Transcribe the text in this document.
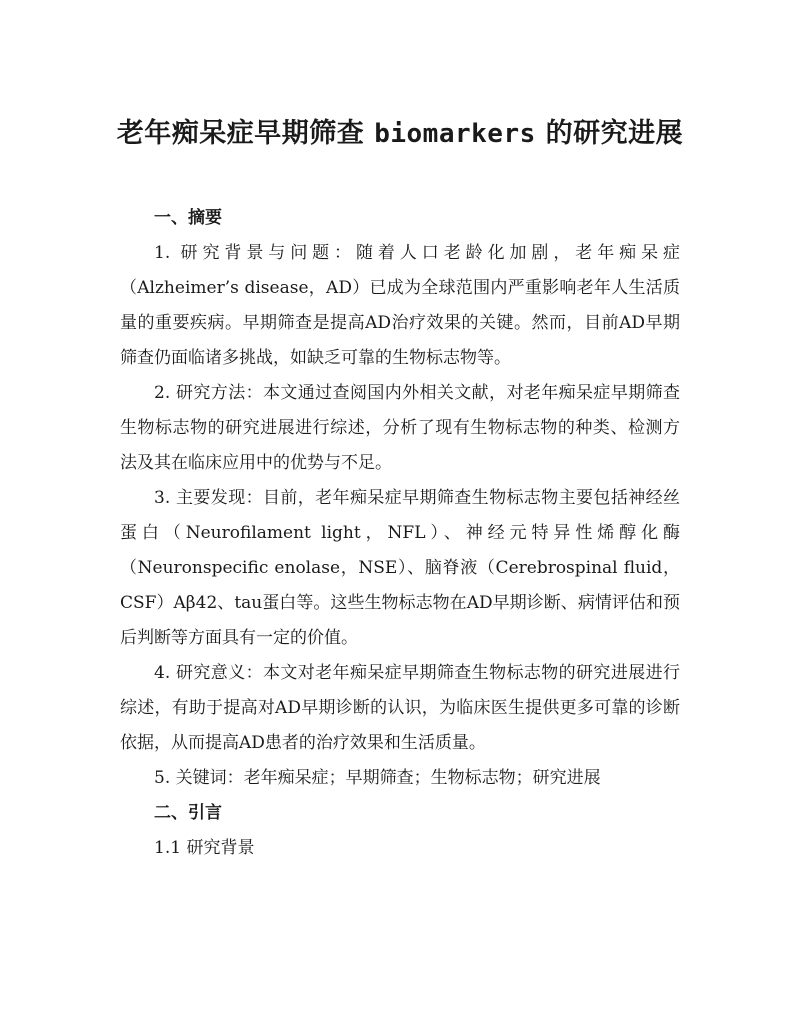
老年痴呆症早期筛查 biomarkers 的研究进展

一、摘要

1. 研究背景与问题：随着人口老龄化加剧，老年痴呆症（Alzheimer’s disease，AD）已成为全球范围内严重影响老年人生活质量的重要疾病。早期筛查是提高AD治疗效果的关键。然而，目前AD早期筛查仍面临诸多挑战，如缺乏可靠的生物标志物等。

2. 研究方法：本文通过查阅国内外相关文献，对老年痴呆症早期筛查生物标志物的研究进展进行综述，分析了现有生物标志物的种类、检测方法及其在临床应用中的优势与不足。

3. 主要发现：目前，老年痴呆症早期筛查生物标志物主要包括神经丝蛋白（Neurofilament light，NFL）、神经元特异性烯醇化酶（Neuronspecific enolase，NSE）、脑脊液（Cerebrospinal fluid，CSF）Aβ42、tau蛋白等。这些生物标志物在AD早期诊断、病情评估和预后判断等方面具有一定的价值。

4. 研究意义：本文对老年痴呆症早期筛查生物标志物的研究进展进行综述，有助于提高对AD早期诊断的认识，为临床医生提供更多可靠的诊断依据，从而提高AD患者的治疗效果和生活质量。

5. 关键词：老年痴呆症；早期筛查；生物标志物；研究进展

二、引言

1.1 研究背景
